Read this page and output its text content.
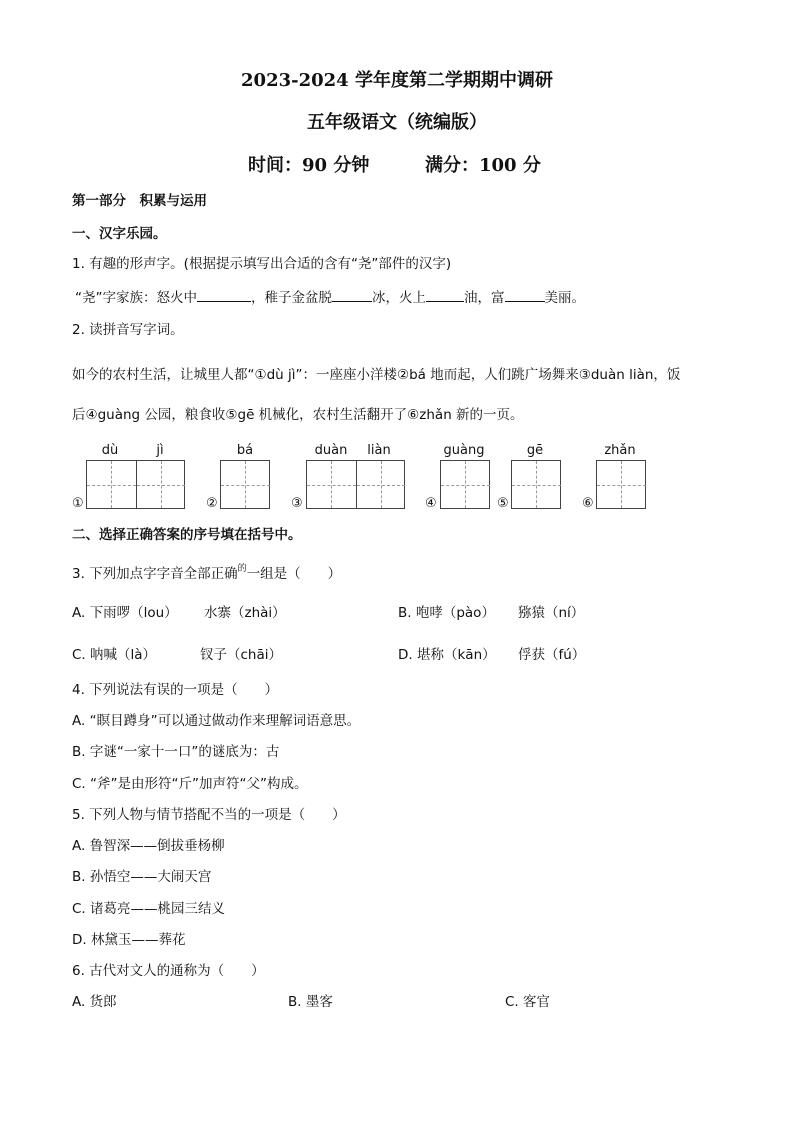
2023-2024 学年度第二学期期中调研
五年级语文（统编版）
时间：90 分钟	满分：100 分
第一部分　积累与运用
一、汉字乐园。
1. 有趣的形声字。(根据提示填写出合适的含有“尧”部件的汉字)
“尧”字家族：怒火中	，稚子金盆脱	冰，火上	油，富	美丽。
2. 读拼音写字词。
如今的农村生活，让城里人都“①dù jì”：一座座小洋楼②bá 地而起，人们跳广场舞来③duàn liàn，饭
后④guàng 公园，粮食收⑤gē 机械化，农村生活翻开了⑥zhǎn 新的一页。
dù	jì	bá	duàn	liàn	guàng	gē	zhǎn
①	②	③	④	⑤	⑥
二、选择正确答案的序号填在括号中。
3. 下列加点字字音全部正确$^的$一组是（　　）
A. 下雨啰（lou） 水寨（zhài）	B. 咆哮（pào） 猕猿（ní）
C. 呐喊（là）	钗子（chāi）	D. 堪称（kān） 俘获（fú）
4. 下列说法有误的一项是（　　）
A. “瞑目蹲身”可以通过做动作来理解词语意思。
B. 字谜“一家十一口”的谜底为：古
C. “斧”是由形符“斤”加声符“父”构成。
5. 下列人物与情节搭配不当的一项是（　　）
A. 鲁智深——倒拔垂杨柳
B. 孙悟空——大闹天宫
C. 诸葛亮——桃园三结义
D. 林黛玉——葬花
6. 古代对文人的通称为（　　）
A. 货郎	B. 墨客	C. 客官
